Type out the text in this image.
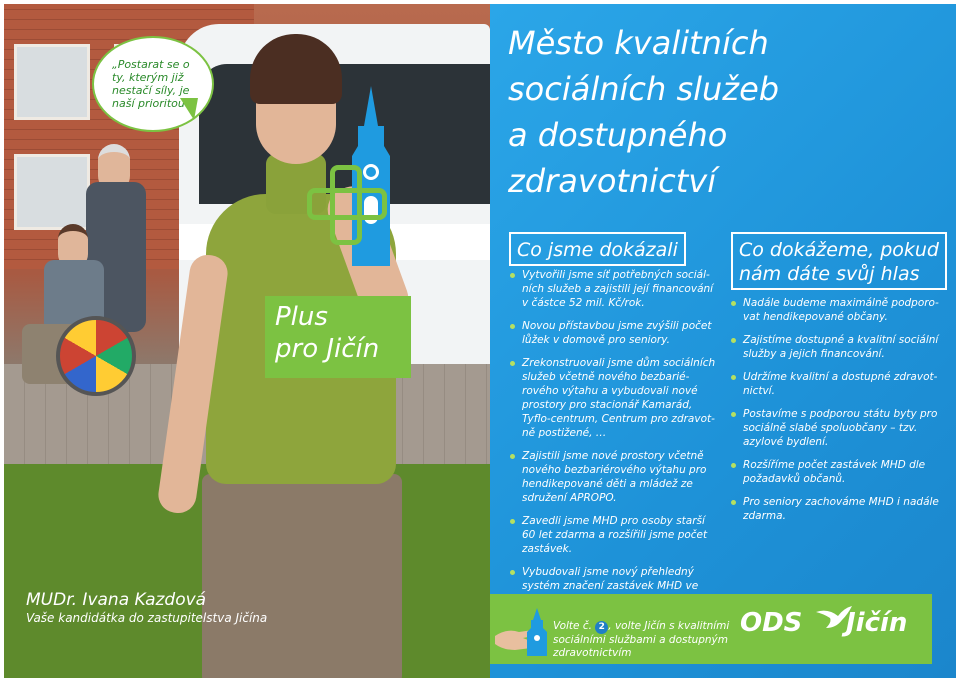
„Postarat se o ty, kterým již nestačí síly, je naší prioritou.“

Plus
pro Jičín
MUDr. Ivana Kazdová
Vaše kandidátka do zastupitelstva Jičína
Město kvalitních
sociálních služeb
a dostupného
zdravotnictví
Co jsme dokázali
Vytvořili jsme síť potřebných sociálních služeb a zajistili její financování v částce 52 mil. Kč/rok.
Novou přístavbou jsme zvýšili počet lůžek v domově pro seniory.
Zrekonstruovali jsme dům sociálních služeb včetně nového bezbariérového výtahu a vybudovali nové prostory pro stacionář Kamarád, Tyflo-centrum, Centrum pro zdravotně postižené, …
Zajistili jsme nové prostory včetně nového bezbariérového výtahu pro hendikepované děti a mládež ze sdružení APROPO.
Zavedli jsme MHD pro osoby starší 60 let zdarma a rozšířili jsme počet zastávek.
Vybudovali jsme nový přehledný systém značení zastávek MHD ve
Co dokážeme, pokud
nám dáte svůj hlas
Nadále budeme maximálně podporovat hendikepované občany.
Zajistíme dostupné a kvalitní sociální služby a jejich financování.
Udržíme kvalitní a dostupné zdravotnictví.
Postavíme s podporou státu byty pro sociálně slabé spoluobčany – tzv. azylové bydlení.
Rozšíříme počet zastávek MHD dle požadavků občanů.
Pro seniory zachováme MHD i nadále zdarma.
Volte č. 2 , volte Jičín s kvalitními sociálními službami a dostupným zdravotnictvím
ODS Jičín
